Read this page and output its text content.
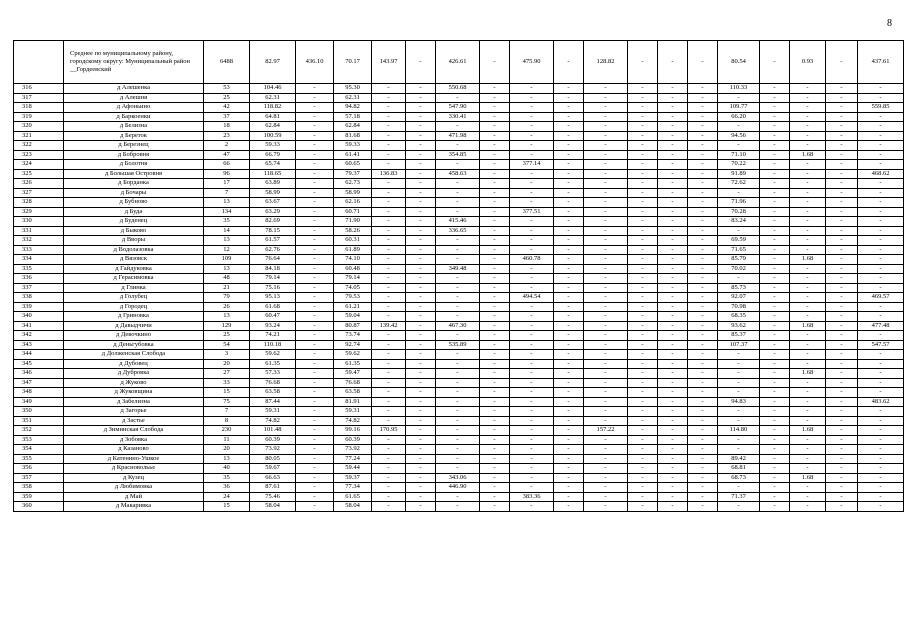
8
	Среднее по муниципальному району, городскому округу: Муниципальный район __Гордеевский	6488	82.97	436.10	70.17	143.97	-	426.61	-	475.90	-	128.82	-	-	-	80.54	-	0.93	-	437.61
316	д Алешенка	53	104.46	-	95.30	-	-	550.68	-	-	-	-	-	-	-	110.33	-	-	-	-
317	д Алешня	25	62.31	-	62.31	-	-	-	-	-	-	-	-	-	-	-	-	-	-	-
318	д Афоньино	42	118.82	-	94.82	-	-	547.90	-	-	-	-	-	-	-	109.77	-	-	-	559.85
319	д Баркоенки	37	64.81	-	57.18	-	-	330.41	-	-	-	-	-	-	-	66.20	-	-	-	-
320	д Белизна	18	62.84	-	62.84	-	-	-	-	-	-	-	-	-	-	-	-	-	-	-
321	д Береток	23	100.59	-	81.68	-	-	471.98	-	-	-	-	-	-	-	94.56	-	-	-	-
322	д Березнец	2	59.33	-	59.33	-	-	-	-	-	-	-	-	-	-	-	-	-	-	-
323	д Бобровня	47	66.79	-	61.41	-	-	354.85	-	-	-	-	-	-	-	71.10	-	1.68	-	-
324	д Болотня	66	65.74	-	60.65	-	-	-	-	377.14	-	-	-	-	-	70.22	-	-	-	-
325	д Большая Островня	96	118.65	-	79.37	136.83	-	458.63	-	-	-	-	-	-	-	91.89	-	-	-	468.62
326	д Борданка	17	63.89	-	62.73	-	-	-	-	-	-	-	-	-	-	72.62	-	-	-	-
327	д Бочары	7	58.99	-	58.99	-	-	-	-	-	-	-	-	-	-	-	-	-	-	-
328	д Бубново	13	63.67	-	62.16	-	-	-	-	-	-	-	-	-	-	71.96	-	-	-	-
329	д Буда	134	63.29	-	60.71	-	-	-	-	377.51	-	-	-	-	-	70.28	-	-	-	-
330	д Буденец	35	82.69	-	71.90	-	-	415.46	-	-	-	-	-	-	-	83.24	-	-	-	-
331	д Быково	14	78.15	-	58.26	-	-	336.65	-	-	-	-	-	-	-	-	-	-	-	-
332	д Вворы	13	61.57	-	60.31	-	-	-	-	-	-	-	-	-	-	69.59	-	-	-	-
333	д Водолазовка	12	62.76	-	61.89	-	-	-	-	-	-	-	-	-	-	71.65	-	-	-	-
334	д Вязовск	109	76.64	-	74.10	-	-	-	-	460.78	-	-	-	-	-	85.79	-	1.68	-	-
335	д Гайдуковка	13	84.18	-	60.48	-	-	349.48	-	-	-	-	-	-	-	70.02	-	-	-	-
336	д Герасимовка	48	79.14	-	79.14	-	-	-	-	-	-	-	-	-	-	-	-	-	-	-
337	д Глинка	21	75.16	-	74.05	-	-	-	-	-	-	-	-	-	-	85.73	-	-	-	-
338	д Голубец	79	95.13	-	79.53	-	-	-	-	494.54	-	-	-	-	-	92.07	-	-	-	469.57
339	д Городец	26	61.68	-	61.21	-	-	-	-	-	-	-	-	-	-	70.98	-	-	-	-
340	д Гриновка	13	60.47	-	59.04	-	-	-	-	-	-	-	-	-	-	68.35	-	-	-	-
341	д Давыдчичи	129	93.24	-	80.87	139.42	-	467.30	-	-	-	-	-	-	-	93.62	-	1.68	-	477.48
342	д Девочкино	25	74.21	-	73.74	-	-	-	-	-	-	-	-	-	-	85.37	-	-	-	-
343	д Деньгубовка	54	110.18	-	92.74	-	-	535.89	-	-	-	-	-	-	-	107.37	-	-	-	547.57
344	д Долженская Слобода	3	59.62	-	59.62	-	-	-	-	-	-	-	-	-	-	-	-	-	-	-
345	д Дубовец	20	61.35	-	61.35	-	-	-	-	-	-	-	-	-	-	-	-	-	-	-
346	д Дубровка	27	57.33	-	59.47	-	-	-	-	-	-	-	-	-	-	-	-	1.68	-	-
347	д Жуково	33	76.68	-	76.68	-	-	-	-	-	-	-	-	-	-	-	-	-	-	-
348	д Жуковщина	15	63.58	-	63.58	-	-	-	-	-	-	-	-	-	-	-	-	-	-	-
349	д Забелизна	75	87.44	-	81.91	-	-	-	-	-	-	-	-	-	-	94.83	-	-	-	483.62
350	д Загорье	7	59.31	-	59.31	-	-	-	-	-	-	-	-	-	-	-	-	-	-	-
351	д Застье	8	74.82	-	74.82	-	-	-	-	-	-	-	-	-	-	-	-	-	-	-
352	д Зиминская Слобода	230	101.48	-	99.16	170.95	-	-	-	-	-	157.22	-	-	-	114.80	-	1.68	-	-
353	д Зобовка	11	60.39	-	60.39	-	-	-	-	-	-	-	-	-	-	-	-	-	-	-
354	д Казаново	20	73.92	-	73.92	-	-	-	-	-	-	-	-	-	-	-	-	-	-	-
355	д Катенино-Ушкое	13	80.05	-	77.24	-	-	-	-	-	-	-	-	-	-	89.42	-	-	-	-
356	д Красновольье	40	59.67	-	59.44	-	-	-	-	-	-	-	-	-	-	68.81	-	-	-	-
357	д Кузец	35	66.63	-	59.37	-	-	343.06	-	-	-	-	-	-	-	68.73	-	1.68	-	-
358	д Любимовка	36	87.61	-	77.34	-	-	446.90	-	-	-	-	-	-	-	-	-	-	-	-
359	д Май	24	75.46	-	61.65	-	-	-	-	383.36	-	-	-	-	-	71.37	-	-	-	-
360	д Макаривка	15	58.04	-	58.04	-	-	-	-	-	-	-	-	-	-	-	-	-	-	-
